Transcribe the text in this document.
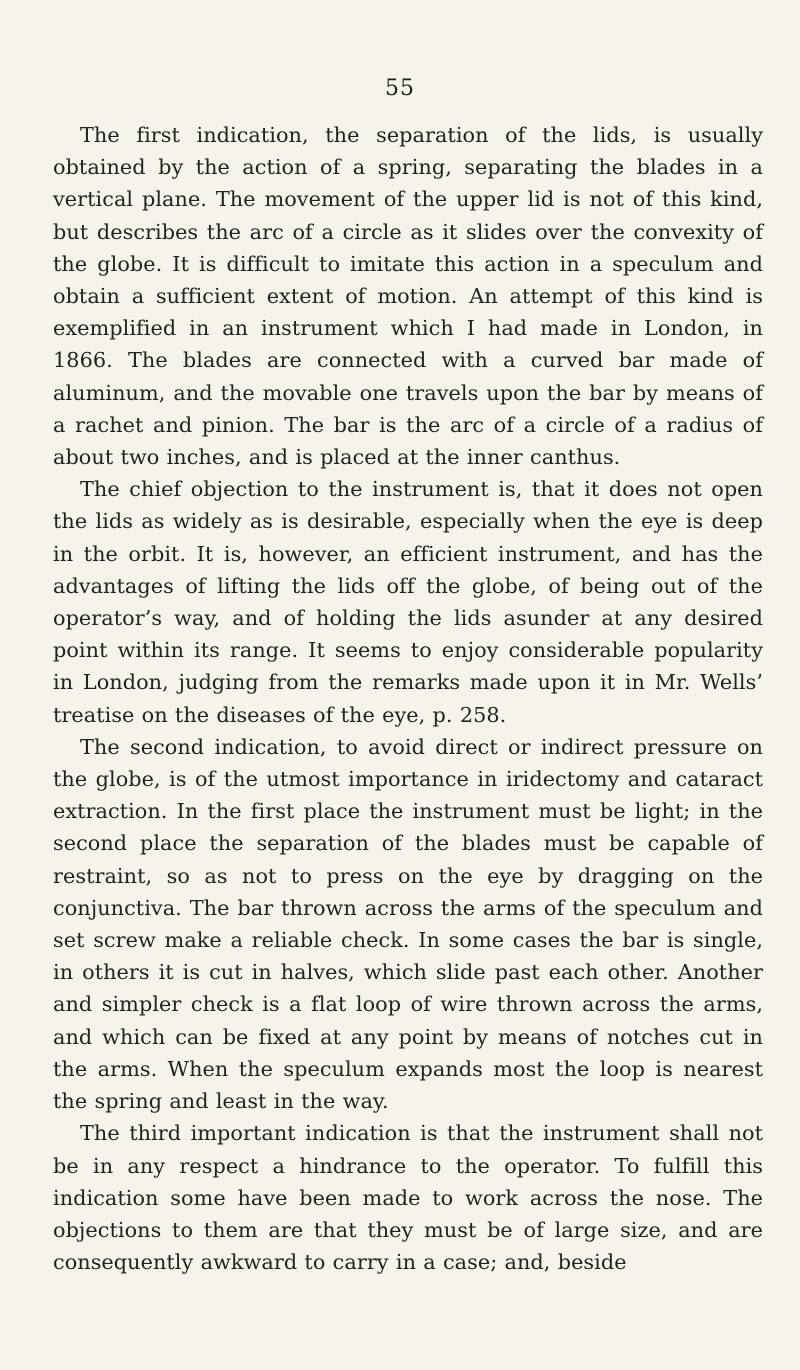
55

The first indication, the separation of the lids, is usually obtained by the action of a spring, separating the blades in a vertical plane. The movement of the upper lid is not of this kind, but describes the arc of a circle as it slides over the convexity of the globe. It is difficult to imitate this action in a speculum and obtain a sufficient extent of motion. An attempt of this kind is exemplified in an instrument which I had made in London, in 1866. The blades are connected with a curved bar made of aluminum, and the movable one travels upon the bar by means of a rachet and pinion. The bar is the arc of a circle of a radius of about two inches, and is placed at the inner canthus.

The chief objection to the instrument is, that it does not open the lids as widely as is desirable, especially when the eye is deep in the orbit. It is, however, an efficient instrument, and has the advantages of lifting the lids off the globe, of being out of the operator’s way, and of holding the lids asunder at any desired point within its range. It seems to enjoy considerable popularity in London, judging from the remarks made upon it in Mr. Wells’ treatise on the diseases of the eye, p. 258.

The second indication, to avoid direct or indirect pressure on the globe, is of the utmost importance in iridectomy and cataract extraction. In the first place the instrument must be light; in the second place the separation of the blades must be capable of restraint, so as not to press on the eye by dragging on the conjunctiva. The bar thrown across the arms of the speculum and set screw make a reliable check. In some cases the bar is single, in others it is cut in halves, which slide past each other. Another and simpler check is a flat loop of wire thrown across the arms, and which can be fixed at any point by means of notches cut in the arms. When the speculum expands most the loop is nearest the spring and least in the way.

The third important indication is that the instrument shall not be in any respect a hindrance to the operator. To fulfill this indication some have been made to work across the nose. The objections to them are that they must be of large size, and are consequently awkward to carry in a case; and, beside
